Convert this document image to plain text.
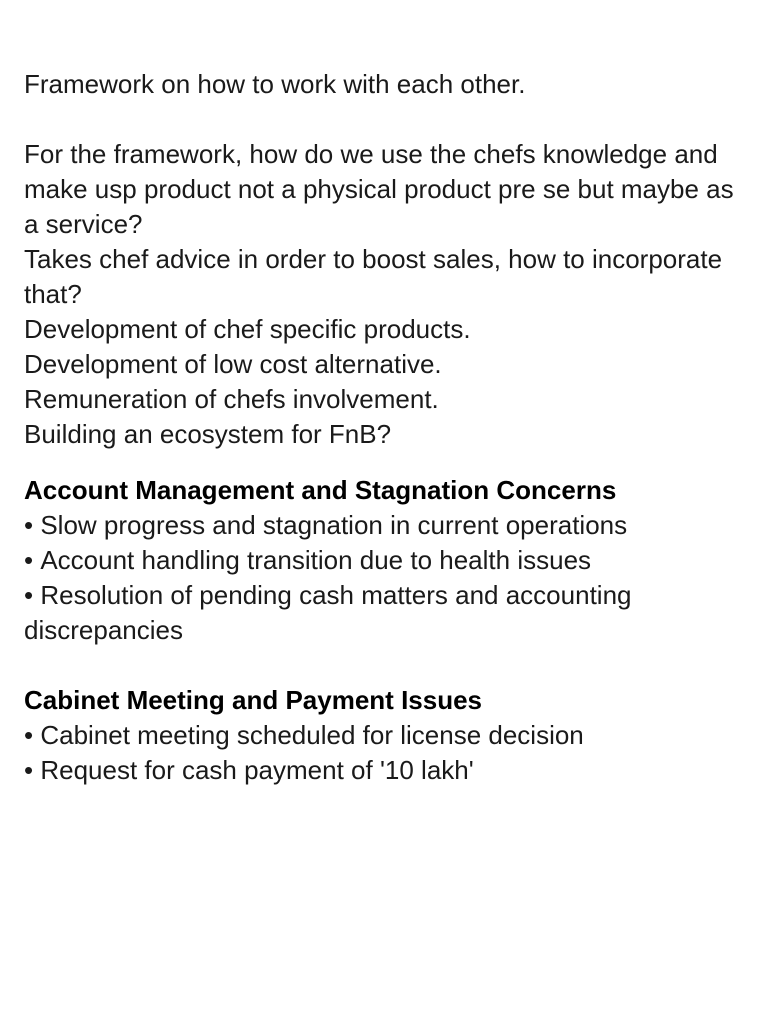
Framework on how to work with each other.

For the framework, how do we use the chefs knowledge and make usp product not a physical product pre se but maybe as a service?

Takes chef advice in order to boost sales, how to incorporate that?

Development of chef specific products.

Development of low cost alternative.

Remuneration of chefs involvement.

Building an ecosystem for FnB?

Account Management and Stagnation Concerns

• Slow progress and stagnation in current operations

• Account handling transition due to health issues

• Resolution of pending cash matters and accounting discrepancies

Cabinet Meeting and Payment Issues

• Cabinet meeting scheduled for license decision

• Request for cash payment of '10 lakh'
